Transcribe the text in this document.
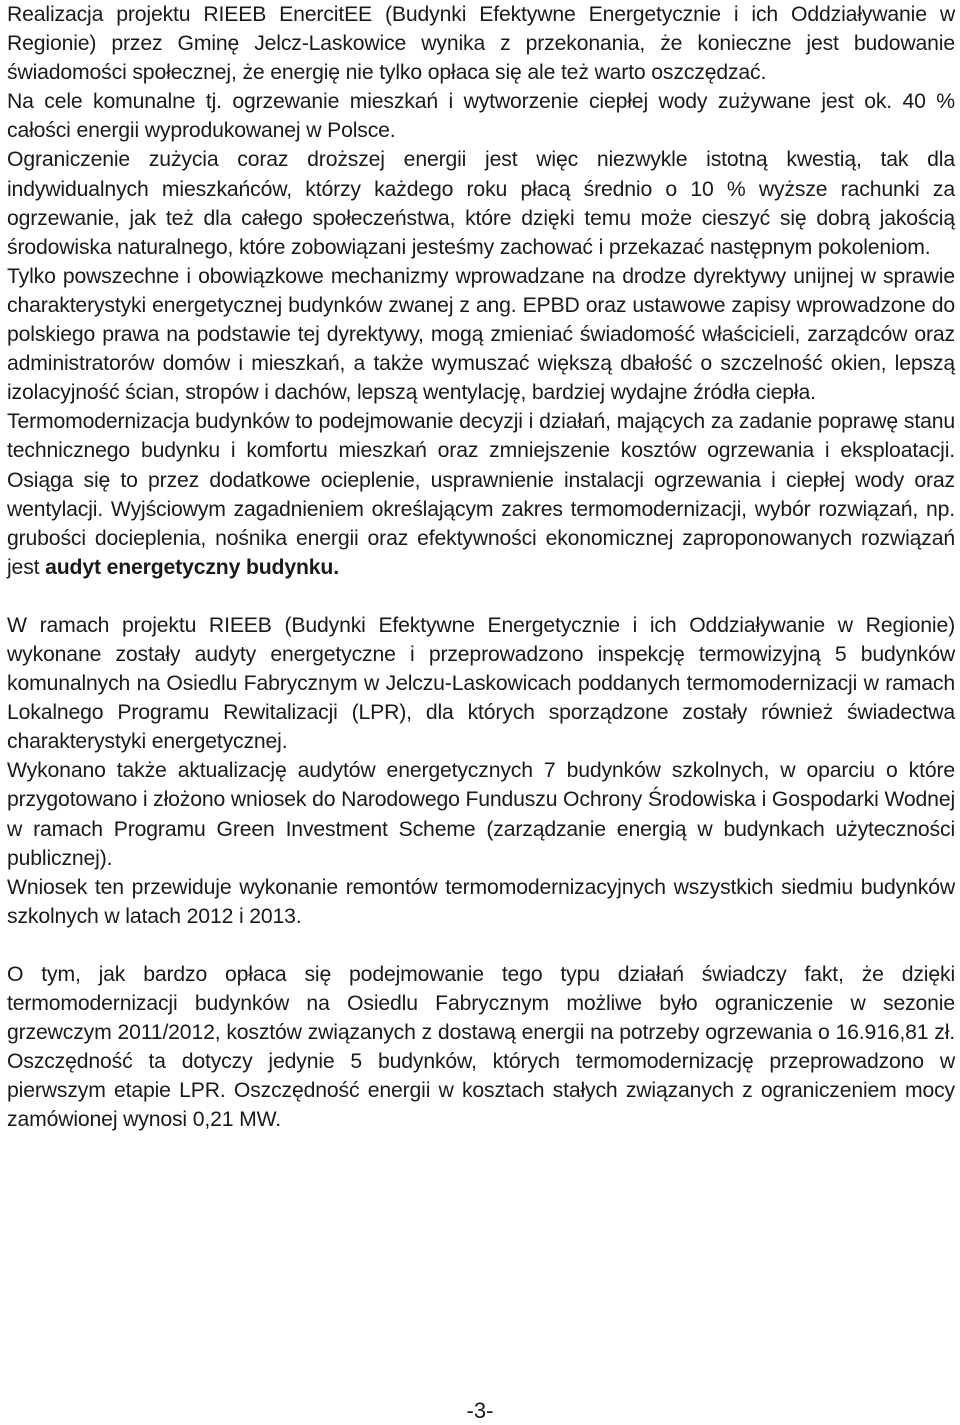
Realizacja projektu RIEEB EnercitEE (Budynki Efektywne Energetycznie i ich Oddziaływanie w Regionie) przez Gminę Jelcz-Laskowice wynika z przekonania, że konieczne jest budowanie świadomości społecznej, że energię nie tylko opłaca się ale też warto oszczędzać.

Na cele komunalne tj. ogrzewanie mieszkań i wytworzenie ciepłej wody zużywane jest ok. 40 % całości energii wyprodukowanej w Polsce.

Ograniczenie zużycia coraz droższej energii jest więc niezwykle istotną kwestią, tak dla indywidualnych mieszkańców, którzy każdego roku płacą średnio o 10 % wyższe rachunki za ogrzewanie, jak też dla całego społeczeństwa, które dzięki temu może cieszyć się dobrą jakością środowiska naturalnego, które zobowiązani jesteśmy zachować i przekazać następnym pokoleniom.

Tylko powszechne i obowiązkowe mechanizmy wprowadzane na drodze dyrektywy unijnej w sprawie charakterystyki energetycznej budynków zwanej z ang. EPBD oraz ustawowe zapisy wprowadzone do polskiego prawa na podstawie tej dyrektywy, mogą zmieniać świadomość właścicieli, zarządców oraz administratorów domów i mieszkań, a także wymuszać większą dbałość o szczelność okien, lepszą izolacyjność ścian, stropów i dachów, lepszą wentylację, bardziej wydajne źródła ciepła.

Termomodernizacja budynków to podejmowanie decyzji i działań, mających za zadanie poprawę stanu technicznego budynku i komfortu mieszkań oraz zmniejszenie kosztów ogrzewania i eksploatacji. Osiąga się to przez dodatkowe ocieplenie, usprawnienie instalacji ogrzewania i ciepłej wody oraz wentylacji. Wyjściowym zagadnieniem określającym zakres termomodernizacji, wybór rozwiązań, np. grubości docieplenia, nośnika energii oraz efektywności ekonomicznej zaproponowanych rozwiązań jest audyt energetyczny budynku.

W ramach projektu RIEEB (Budynki Efektywne Energetycznie i ich Oddziaływanie w Regionie) wykonane zostały audyty energetyczne i przeprowadzono inspekcję termowizyjną 5 budynków komunalnych na Osiedlu Fabrycznym w Jelczu-Laskowicach poddanych termomodernizacji w ramach Lokalnego Programu Rewitalizacji (LPR), dla których sporządzone zostały również świadectwa charakterystyki energetycznej.

Wykonano także aktualizację audytów energetycznych 7 budynków szkolnych, w oparciu o które przygotowano i złożono wniosek do Narodowego Funduszu Ochrony Środowiska i Gospodarki Wodnej w ramach Programu Green Investment Scheme (zarządzanie energią w budynkach użyteczności publicznej).

Wniosek ten przewiduje wykonanie remontów termomodernizacyjnych wszystkich siedmiu budynków szkolnych w latach 2012 i 2013.

O tym, jak bardzo opłaca się podejmowanie tego typu działań świadczy fakt, że dzięki termomodernizacji budynków na Osiedlu Fabrycznym możliwe było ograniczenie w sezonie grzewczym 2011/2012, kosztów związanych z dostawą energii na potrzeby ogrzewania o 16.916,81 zł. Oszczędność ta dotyczy jedynie 5 budynków, których termomodernizację przeprowadzono w pierwszym etapie LPR. Oszczędność energii w kosztach stałych związanych z ograniczeniem mocy zamówionej wynosi 0,21 MW.

-3-
